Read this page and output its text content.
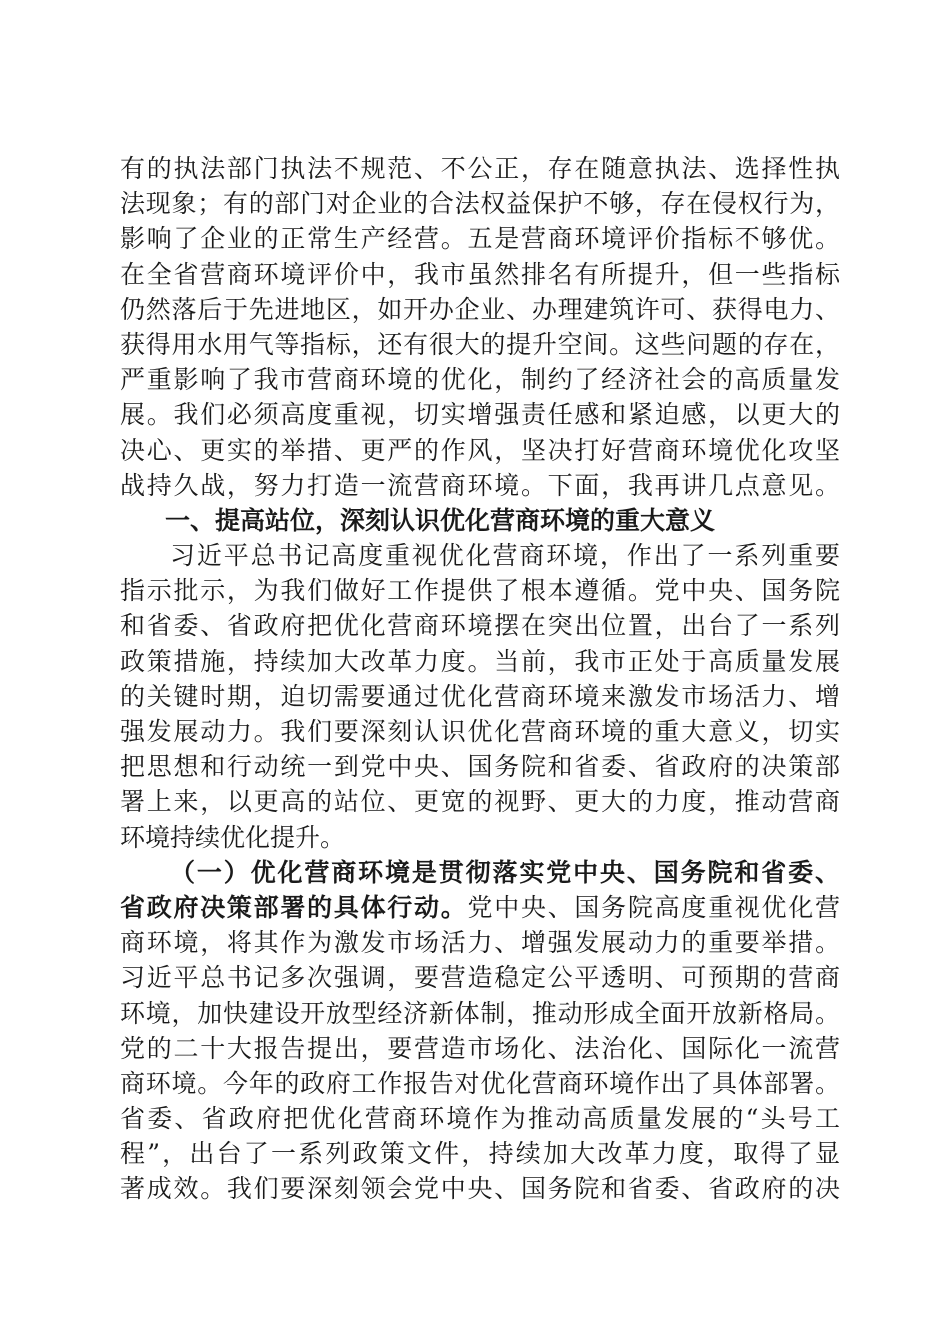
有的执法部门执法不规范、不公正，存在随意执法、选择性执
法现象；有的部门对企业的合法权益保护不够，存在侵权行为，
影响了企业的正常生产经营。五是营商环境评价指标不够优。
在全省营商环境评价中，我市虽然排名有所提升，但一些指标
仍然落后于先进地区，如开办企业、办理建筑许可、获得电力、
获得用水用气等指标，还有很大的提升空间。这些问题的存在，
严重影响了我市营商环境的优化，制约了经济社会的高质量发
展。我们必须高度重视，切实增强责任感和紧迫感，以更大的
决心、更实的举措、更严的作风，坚决打好营商环境优化攻坚
战持久战，努力打造一流营商环境。下面，我再讲几点意见。
一、提高站位，深刻认识优化营商环境的重大意义
习近平总书记高度重视优化营商环境，作出了一系列重要
指示批示，为我们做好工作提供了根本遵循。党中央、国务院
和省委、省政府把优化营商环境摆在突出位置，出台了一系列
政策措施，持续加大改革力度。当前，我市正处于高质量发展
的关键时期，迫切需要通过优化营商环境来激发市场活力、增
强发展动力。我们要深刻认识优化营商环境的重大意义，切实
把思想和行动统一到党中央、国务院和省委、省政府的决策部
署上来，以更高的站位、更宽的视野、更大的力度，推动营商
环境持续优化提升。
（一）优化营商环境是贯彻落实党中央、国务院和省委、
省政府决策部署的具体行动。党中央、国务院高度重视优化营
商环境，将其作为激发市场活力、增强发展动力的重要举措。
习近平总书记多次强调，要营造稳定公平透明、可预期的营商
环境，加快建设开放型经济新体制，推动形成全面开放新格局。
党的二十大报告提出，要营造市场化、法治化、国际化一流营
商环境。今年的政府工作报告对优化营商环境作出了具体部署。
省委、省政府把优化营商环境作为推动高质量发展的“头号工
程”，出台了一系列政策文件，持续加大改革力度，取得了显
著成效。我们要深刻领会党中央、国务院和省委、省政府的决
